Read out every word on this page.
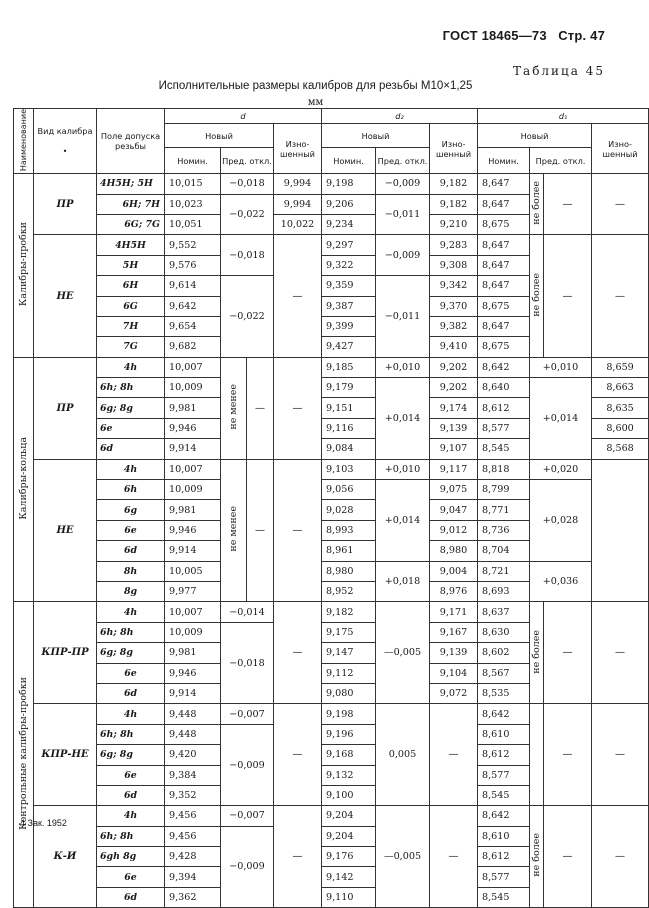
ГОСТ 18465—73 Стр. 47
Таблица 45
Исполнительные размеры калибров для резьбы М10×1,25
мм
Наименование	Вид калибра

•	Поле допуска резьбы	d				d₂			d₁			
			Новый			Изно-шенный	Новый		Изно-шенный	Новый			Изно-шенный
			Номин.	Пред. откл.			Номин.	Пред. откл.		Номин.	Пред. откл.		
Калибры-пробки	ПР	4H5H; 5H	10,015	−0,018		9,994	9,198	−0,009	9,182	8,647	не более	—	—
		6H; 7H	10,023	−0,022		9,994	9,206	−0,011	9,182	8,647			
		6G; 7G	10,051			10,022	9,234		9,210	8,675			
	НЕ	4H5H	9,552	−0,018		—	9,297	−0,009	9,283	8,647	не более	—	—
		5H	9,576				9,322		9,308	8,647			
		6H	9,614	−0,022			9,359	−0,011	9,342	8,647			
		6G	9,642				9,387		9,370	8,675			
		7H	9,654				9,399		9,382	8,647			
		7G	9,682				9,427		9,410	8,675			
Калибры-кольца	ПР	4h	10,007	не менее	—	—	9,185	+0,010	9,202	8,642	+0,010		8,659
		6h; 8h	10,009				9,179	+0,014	9,202	8,640	+0,014		8,663
		6g; 8g	9,981				9,151		9,174	8,612			8,635
		6e	9,946				9,116		9,139	8,577			8,600
		6d	9,914				9,084		9,107	8,545			8,568
	НЕ	4h	10,007	не менее	—	—	9,103	+0,010	9,117	8,818	+0,020		
		6h	10,009				9,056	+0,014	9,075	8,799	+0,028		
		6g	9,981				9,028		9,047	8,771			
		6e	9,946				8,993		9,012	8,736			
		6d	9,914				8,961		8,980	8,704			
		8h	10,005				8,980	+0,018	9,004	8,721	+0,036		
		8g	9,977				8,952		8,976	8,693			
Контрольные калибры-пробки	КПР-ПР	4h	10,007	−0,014		—	9,182	—0,005	9,171	8,637	не более	—	—
		6h; 8h	10,009	−0,018			9,175		9,167	8,630			
		6g; 8g	9,981				9,147		9,139	8,602			
		6e	9,946				9,112		9,104	8,567			
		6d	9,914				9,080		9,072	8,535			
	КПР-НЕ	4h	9,448	−0,007		—	9,198	0,005	—	8,642		—	—
		6h; 8h	9,448	−0,009			9,196			8,610			
		6g; 8g	9,420				9,168			8,612			
		6e	9,384				9,132			8,577			
		6d	9,352				9,100			8,545			
	К-И	4h	9,456	−0,007		—	9,204	—0,005	—	8,642	не более	—	—
		6h; 8h	9,456	−0,009			9,204			8,610			
		6gh 8g	9,428				9,176			8,612			
		6e	9,394				9,142			8,577			
		6d	9,362				9,110			8,545			
4 Зак. 1952
